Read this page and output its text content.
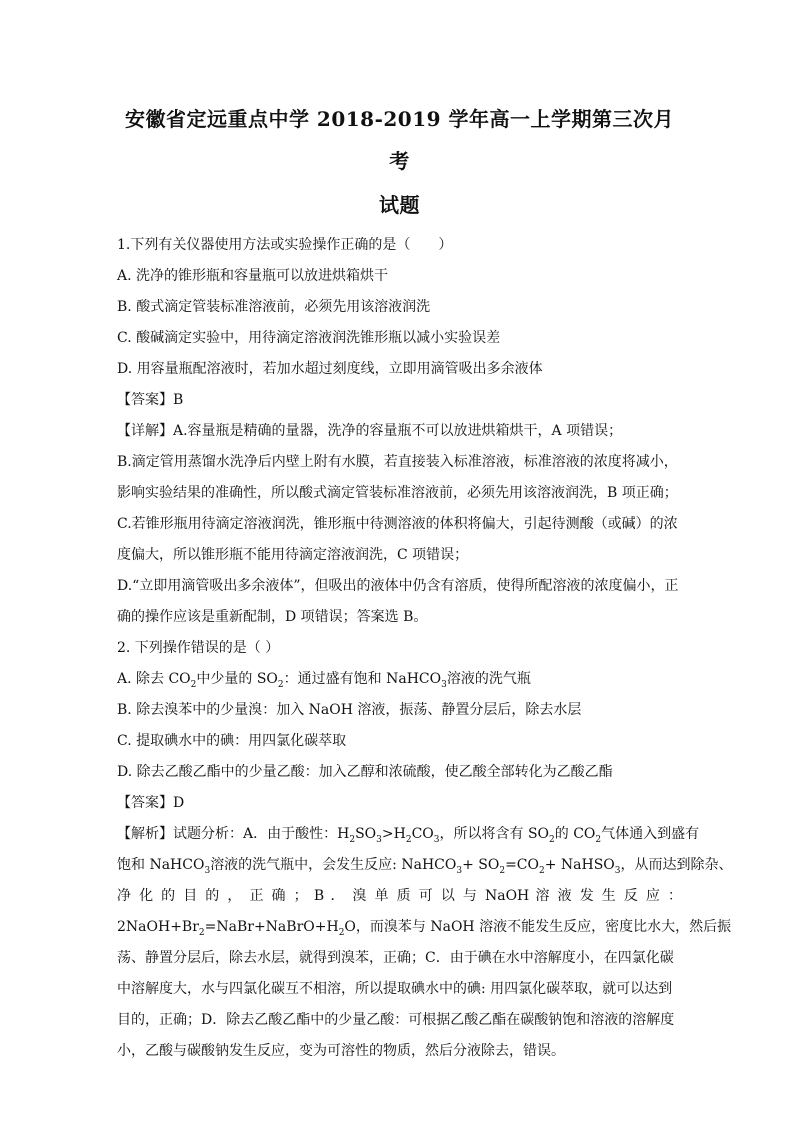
安徽省定远重点中学 2018-2019 学年高一上学期第三次月考
试题

1.下列有关仪器使用方法或实验操作正确的是（　　）

A. 洗净的锥形瓶和容量瓶可以放进烘箱烘干

B. 酸式滴定管装标准溶液前，必须先用该溶液润洗

C. 酸碱滴定实验中，用待滴定溶液润洗锥形瓶以减小实验误差

D. 用容量瓶配溶液时，若加水超过刻度线，立即用滴管吸出多余液体

【答案】B

【详解】A.容量瓶是精确的量器，洗净的容量瓶不可以放进烘箱烘干，A 项错误；

B.滴定管用蒸馏水洗净后内壁上附有水膜，若直接装入标准溶液，标准溶液的浓度将减小，

影响实验结果的准确性，所以酸式滴定管装标准溶液前，必须先用该溶液润洗，B 项正确；

C.若锥形瓶用待滴定溶液润洗，锥形瓶中待测溶液的体积将偏大，引起待测酸（或碱）的浓

度偏大，所以锥形瓶不能用待滴定溶液润洗，C 项错误；

D.“立即用滴管吸出多余液体”，但吸出的液体中仍含有溶质，使得所配溶液的浓度偏小，正

确的操作应该是重新配制，D 项错误；答案选 B。

2. 下列操作错误的是（ ）

A. 除去 $CO_2$中少量的 $SO_2$：通过盛有饱和 NaHCO$_3$溶液的洗气瓶

B. 除去溴苯中的少量溴：加入 NaOH 溶液，振荡、静置分层后，除去水层

C. 提取碘水中的碘：用四氯化碳萃取

D. 除去乙酸乙酯中的少量乙酸：加入乙醇和浓硫酸，使乙酸全部转化为乙酸乙酯

【答案】D

【解析】试题分析：A．由于酸性：$H_2SO_3>H_2CO_3$，所以将含有 $SO_2$的 $CO_2$气体通入到盛有

饱和 NaHCO$_3$溶液的洗气瓶中，会发生反应: NaHCO$_3$+ $SO_2=CO_2+$ NaHSO$_3$，从而达到除杂、

净 化 的 目 的 ， 正 确 ； B ． 溴 单 质 可 以 与 NaOH 溶 液 发 生 反 应 ：

$2NaOH+Br_2=NaBr+NaBrO+H_2O$，而溴苯与 NaOH 溶液不能发生反应，密度比水大，然后振

荡、静置分层后，除去水层，就得到溴苯，正确；C．由于碘在水中溶解度小，在四氯化碳

中溶解度大，水与四氯化碳互不相溶，所以提取碘水中的碘: 用四氯化碳萃取，就可以达到

目的，正确；D．除去乙酸乙酯中的少量乙酸：可根据乙酸乙酯在碳酸钠饱和溶液的溶解度

小，乙酸与碳酸钠发生反应，变为可溶性的物质，然后分液除去，错误。
